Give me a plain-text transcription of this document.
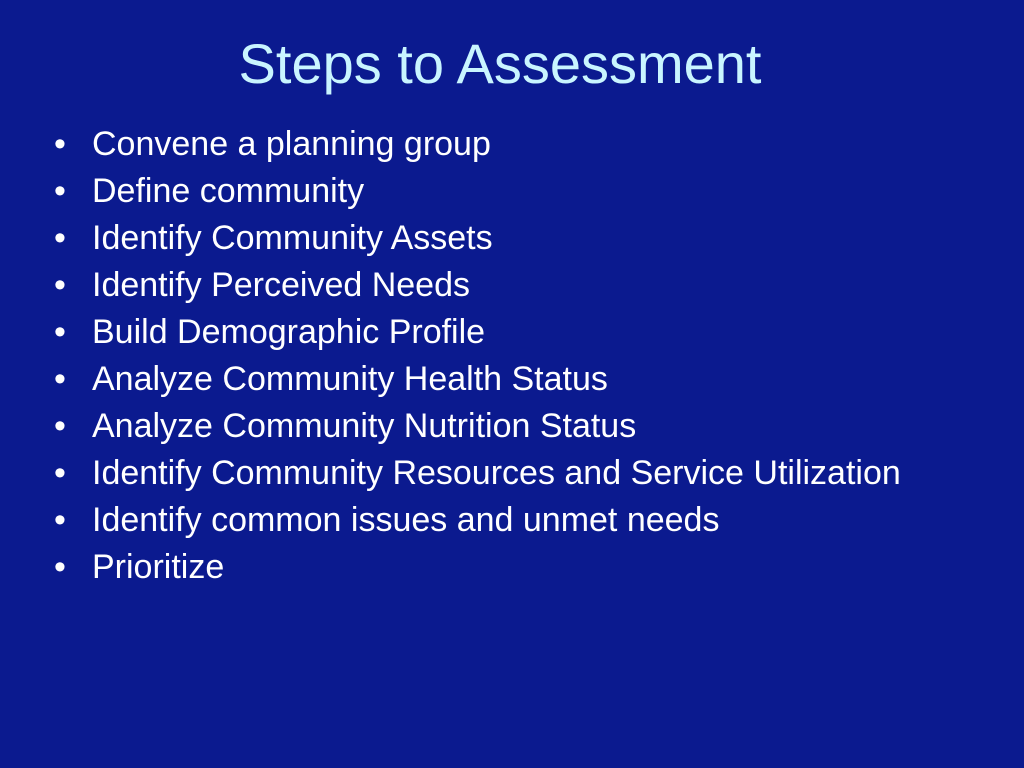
Steps to Assessment
• Convene a planning group
• Define community
• Identify Community Assets
• Identify Perceived Needs
• Build Demographic Profile
• Analyze Community Health Status
• Analyze Community Nutrition Status
• Identify Community Resources and Service Utilization
• Identify common issues and unmet needs
• Prioritize
